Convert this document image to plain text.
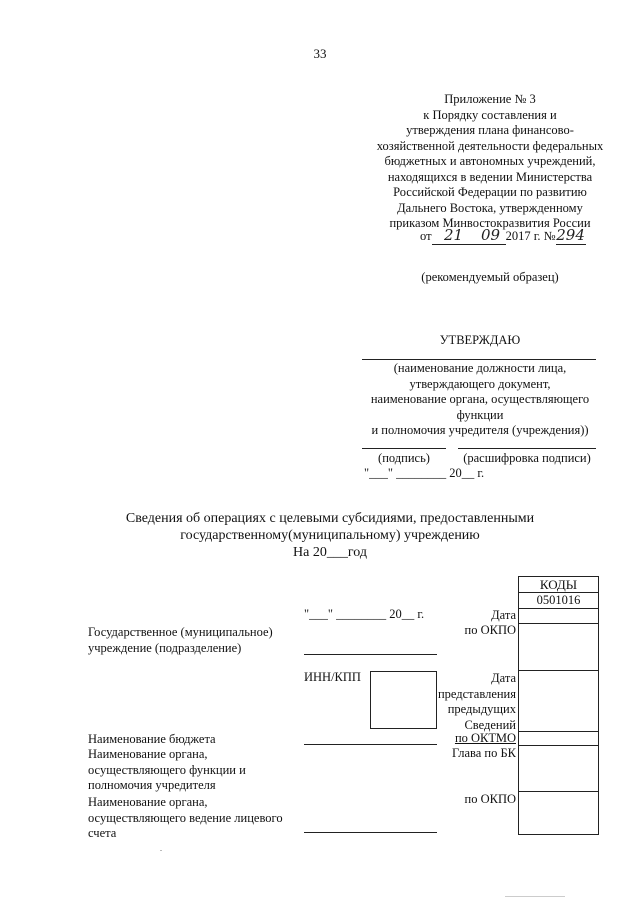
33
Приложение № 3
к Порядку составления и
утверждения плана финансово-
хозяйственной деятельности федеральных
бюджетных и автономных учреждений,
находящихся в ведении Министерства
Российской Федерации по развитию
Дальнего Востока, утвержденному
приказом Минвостокразвития России
от 21 09 2017 г. №294
(рекомендуемый образец)
УТВЕРЖДАЮ
(наименование должности лица,
утверждающего документ,
наименование органа, осуществляющего
функции
и полномочия учредителя (учреждения))
(подпись)	(расшифровка подписи)
"___" ________ 20__ г.
Сведения об операциях с целевыми субсидиями, предоставленными
государственному(муниципальному) учреждению
На 20___год
КОДЫ
0501016
"___" ________ 20__ г.	Дата
по ОКПО
Дата
представления
предыдущих
Сведений
по ОКТМО
Глава по БК
по ОКПО
Государственное (муниципальное) учреждение (подразделение)
ИНН/КПП
Наименование бюджета
Наименование органа, осуществляющего функции и полномочия учредителя
Наименование органа, осуществляющего ведение лицевого счета
